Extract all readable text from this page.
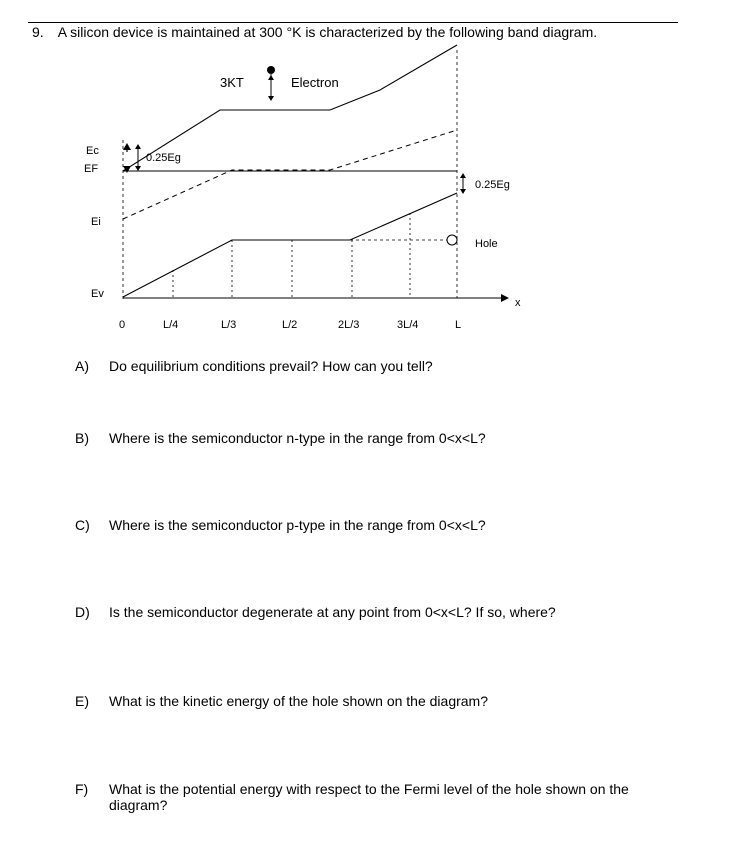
9. A silicon device is maintained at 300 °K is characterized by the following band diagram.
Ec
EF
Ei
Ev
0.25Eg
x
0	L/4	L/3	L/2	2L/3	3L/4	L
3KT	Electron
0.25Eg
Hole
A) Do equilibrium conditions prevail? How can you tell?
B) Where is the semiconductor n-type in the range from 0<x<L?
C) Where is the semiconductor p-type in the range from 0<x<L?
D) Is the semiconductor degenerate at any point from 0<x<L? If so, where?
E) What is the kinetic energy of the hole shown on the diagram?
F) What is the potential energy with respect to the Fermi level of the hole shown on the diagram?
